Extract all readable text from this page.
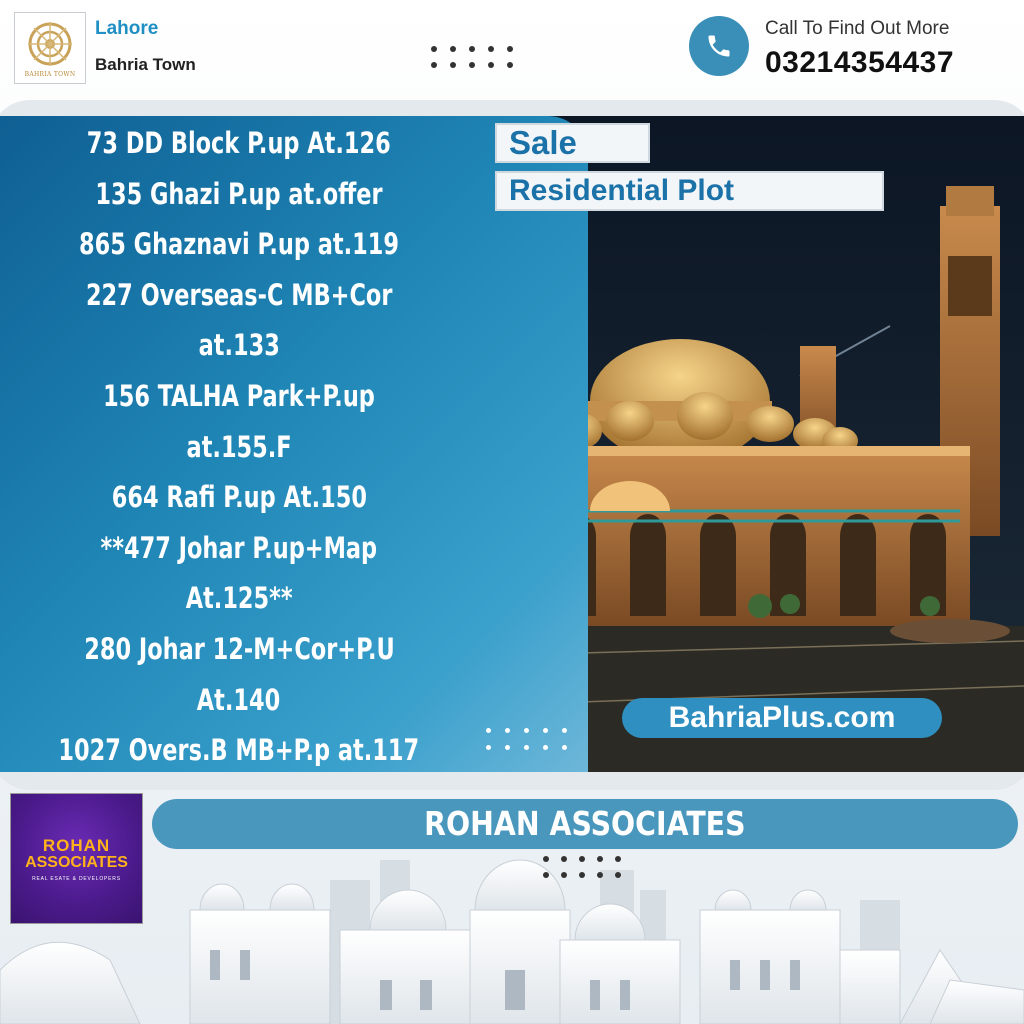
BAHRIA TOWN
Lahore
Bahria Town
Call To Find Out More
03214354437
73 DD Block P.up At.126
135 Ghazi P.up at.offer
865 Ghaznavi P.up at.119
227 Overseas-C MB+Cor
at.133
156 TALHA Park+P.up
at.155.F
664 Rafi P.up At.150
**477 Johar P.up+Map
At.125**
280 Johar 12-M+Cor+P.U
At.140
1027 Overs.B MB+P.p at.117
Sale
Residential Plot
BahriaPlus.com
ROHAN
ASSOCIATES
REAL ESATE & DEVELOPERS
ROHAN ASSOCIATES
